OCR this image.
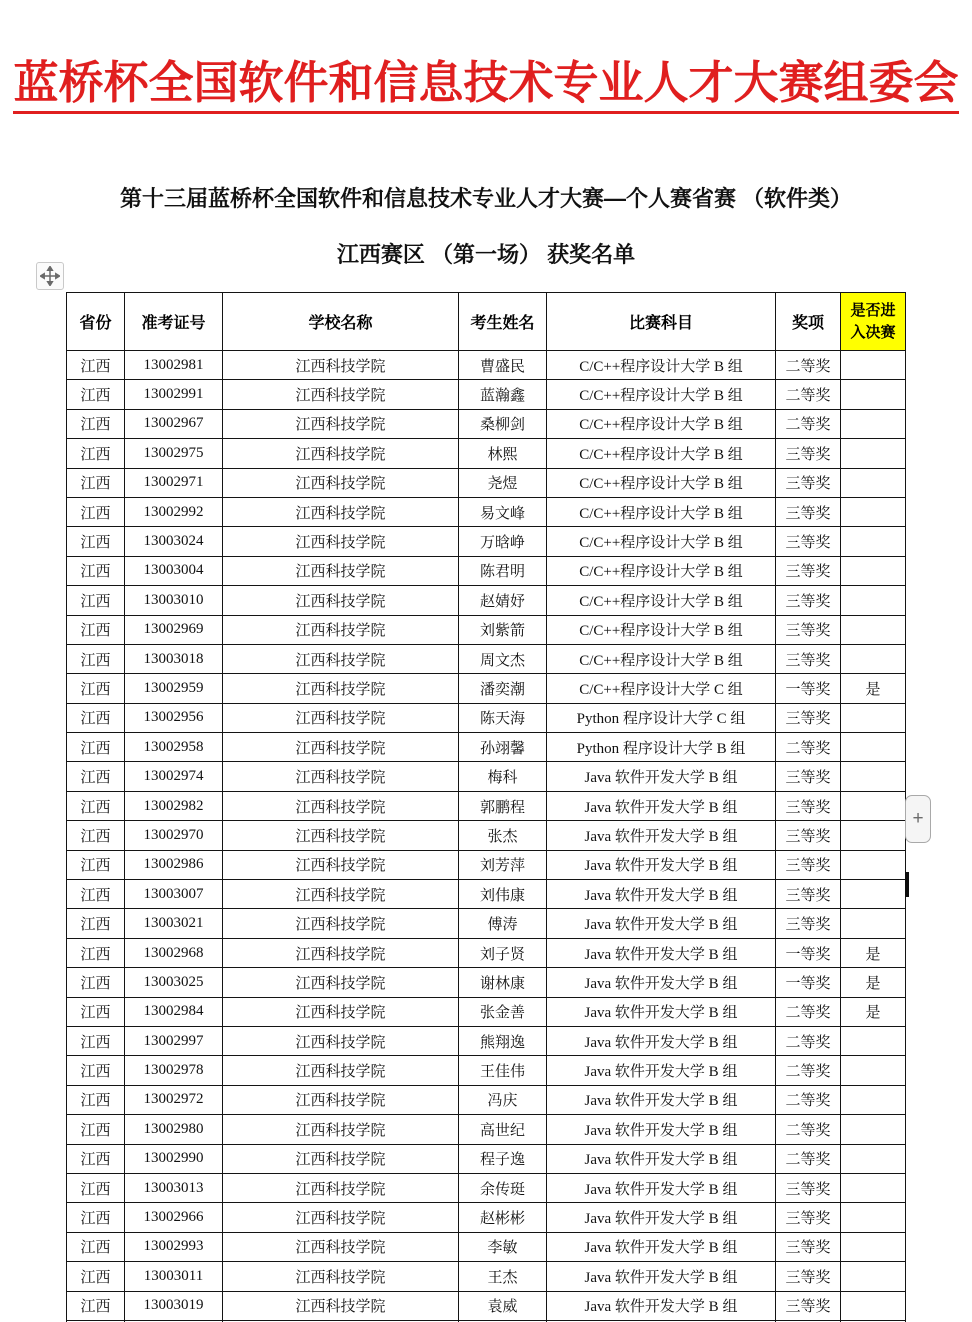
蓝桥杯全国软件和信息技术专业人才大赛组委会
第十三届蓝桥杯全国软件和信息技术专业人才大赛—个人赛省赛 （软件类）
江西赛区 （第一场） 获奖名单
省份	准考证号	学校名称	考生姓名	比赛科目	奖项	是否进入决赛
江西	13002981	江西科技学院	曹盛民	C/C++程序设计大学 B 组	二等奖	
江西	13002991	江西科技学院	蓝瀚鑫	C/C++程序设计大学 B 组	二等奖	
江西	13002967	江西科技学院	桑柳剑	C/C++程序设计大学 B 组	二等奖	
江西	13002975	江西科技学院	林熙	C/C++程序设计大学 B 组	三等奖	
江西	13002971	江西科技学院	尧煜	C/C++程序设计大学 B 组	三等奖	
江西	13002992	江西科技学院	易文峰	C/C++程序设计大学 B 组	三等奖	
江西	13003024	江西科技学院	万晗峥	C/C++程序设计大学 B 组	三等奖	
江西	13003004	江西科技学院	陈君明	C/C++程序设计大学 B 组	三等奖	
江西	13003010	江西科技学院	赵婧妤	C/C++程序设计大学 B 组	三等奖	
江西	13002969	江西科技学院	刘紫箭	C/C++程序设计大学 B 组	三等奖	
江西	13003018	江西科技学院	周文杰	C/C++程序设计大学 B 组	三等奖	
江西	13002959	江西科技学院	潘奕潮	C/C++程序设计大学 C 组	一等奖	是
江西	13002956	江西科技学院	陈天海	Python 程序设计大学 C 组	三等奖	
江西	13002958	江西科技学院	孙翊馨	Python 程序设计大学 B 组	二等奖	
江西	13002974	江西科技学院	梅科	Java 软件开发大学 B 组	三等奖	
江西	13002982	江西科技学院	郭鹏程	Java 软件开发大学 B 组	三等奖	
江西	13002970	江西科技学院	张杰	Java 软件开发大学 B 组	三等奖	
江西	13002986	江西科技学院	刘芳萍	Java 软件开发大学 B 组	三等奖	
江西	13003007	江西科技学院	刘伟康	Java 软件开发大学 B 组	三等奖	
江西	13003021	江西科技学院	傅涛	Java 软件开发大学 B 组	三等奖	
江西	13002968	江西科技学院	刘子贤	Java 软件开发大学 B 组	一等奖	是
江西	13003025	江西科技学院	谢林康	Java 软件开发大学 B 组	一等奖	是
江西	13002984	江西科技学院	张金善	Java 软件开发大学 B 组	二等奖	是
江西	13002997	江西科技学院	熊翔逸	Java 软件开发大学 B 组	二等奖	
江西	13002978	江西科技学院	王佳伟	Java 软件开发大学 B 组	二等奖	
江西	13002972	江西科技学院	冯庆	Java 软件开发大学 B 组	二等奖	
江西	13002980	江西科技学院	高世纪	Java 软件开发大学 B 组	二等奖	
江西	13002990	江西科技学院	程子逸	Java 软件开发大学 B 组	二等奖	
江西	13003013	江西科技学院	余传珽	Java 软件开发大学 B 组	三等奖	
江西	13002966	江西科技学院	赵彬彬	Java 软件开发大学 B 组	三等奖	
江西	13002993	江西科技学院	李敏	Java 软件开发大学 B 组	三等奖	
江西	13003011	江西科技学院	王杰	Java 软件开发大学 B 组	三等奖	
江西	13003019	江西科技学院	袁威	Java 软件开发大学 B 组	三等奖	

+
